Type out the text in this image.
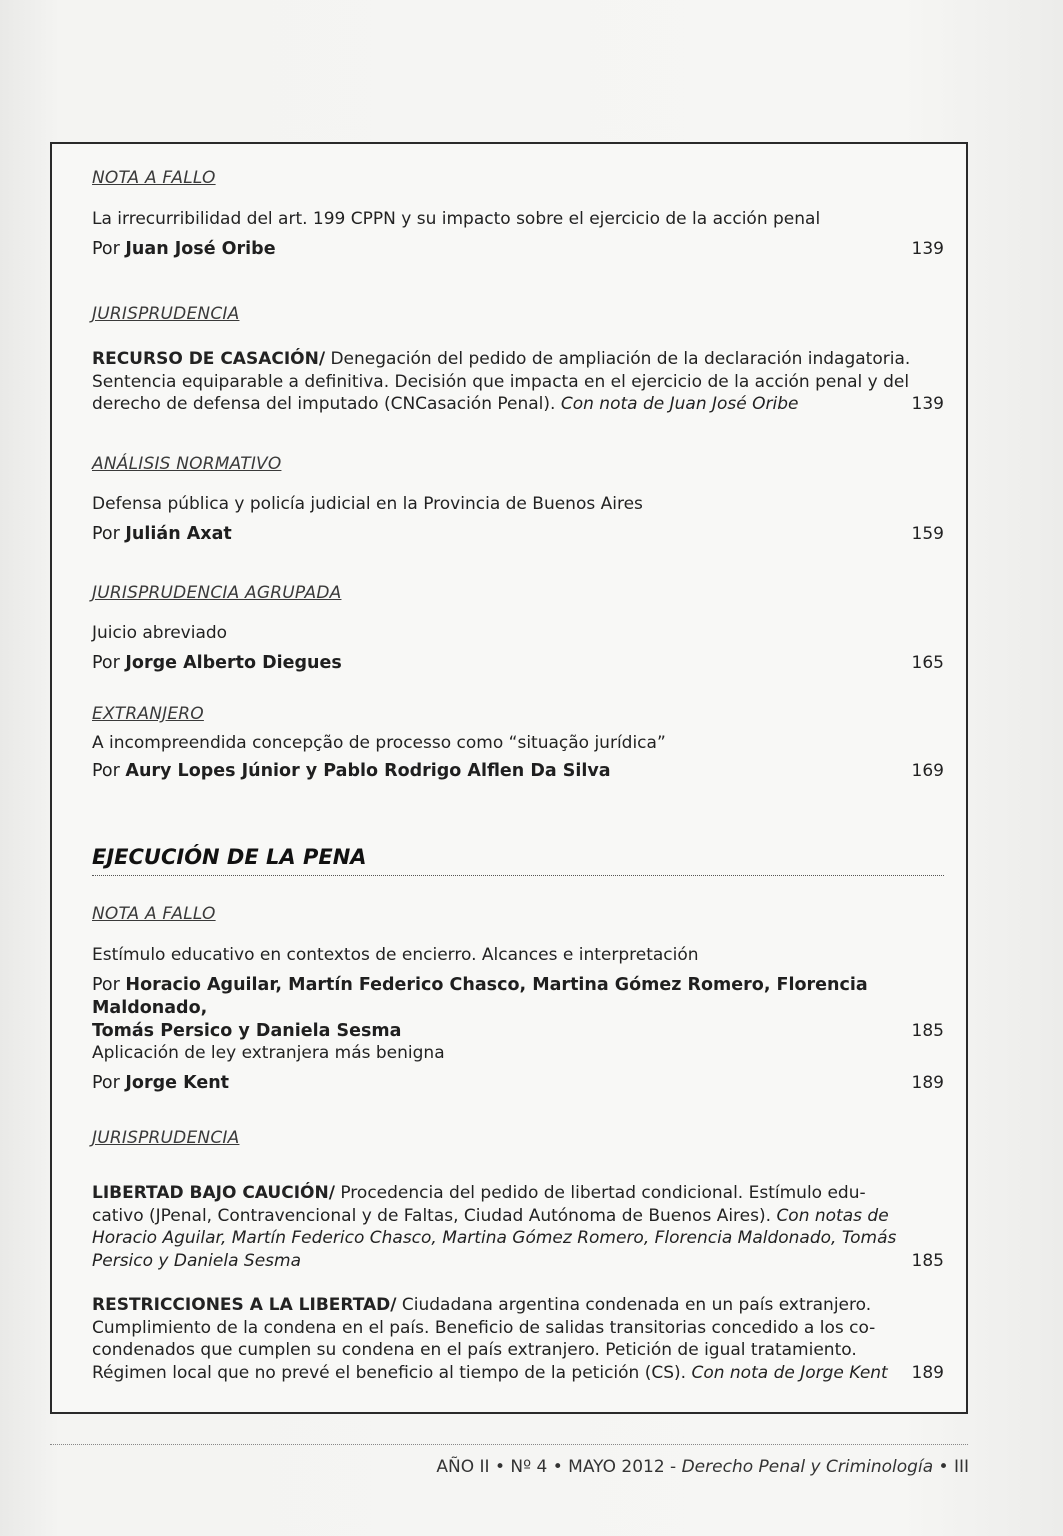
NOTA A FALLO
La irrecurribilidad del art. 199 CPPN y su impacto sobre el ejercicio de la acción penal
Por Juan José Oribe	139
JURISPRUDENCIA
RECURSO DE CASACIÓN/ Denegación del pedido de ampliación de la declaración indagatoria.
Sentencia equiparable a definitiva. Decisión que impacta en el ejercicio de la acción penal y del

derecho de defensa del imputado (CNCasación Penal). Con nota de Juan José Oribe	139
ANÁLISIS NORMATIVO
Defensa pública y policía judicial en la Provincia de Buenos Aires
Por Julián Axat	159
JURISPRUDENCIA AGRUPADA
Juicio abreviado
Por Jorge Alberto Diegues	165
EXTRANJERO
A incompreendida concepção de processo como “situação jurídica”
Por Aury Lopes Júnior y Pablo Rodrigo Alflen Da Silva	169
EJECUCIÓN DE LA PENA
NOTA A FALLO
Estímulo educativo en contextos de encierro. Alcances e interpretación
Por Horacio Aguilar, Martín Federico Chasco, Martina Gómez Romero, Florencia Maldonado,
Tomás Persico y Daniela Sesma	185
Aplicación de ley extranjera más benigna
Por Jorge Kent	189
JURISPRUDENCIA
LIBERTAD BAJO CAUCIÓN/ Procedencia del pedido de libertad condicional. Estímulo edu-
cativo (JPenal, Contravencional y de Faltas, Ciudad Autónoma de Buenos Aires). Con notas de
Horacio Aguilar, Martín Federico Chasco, Martina Gómez Romero, Florencia Maldonado, Tomás

Persico y Daniela Sesma	185
RESTRICCIONES A LA LIBERTAD/ Ciudadana argentina condenada en un país extranjero.
Cumplimiento de la condena en el país. Beneficio de salidas transitorias concedido a los co-
condenados que cumplen su condena en el país extranjero. Petición de igual tratamiento.

Régimen local que no prevé el beneficio al tiempo de la petición (CS). Con nota de Jorge Kent 189
AÑO II • Nº 4 • MAYO 2012 - Derecho Penal y Criminología • III
